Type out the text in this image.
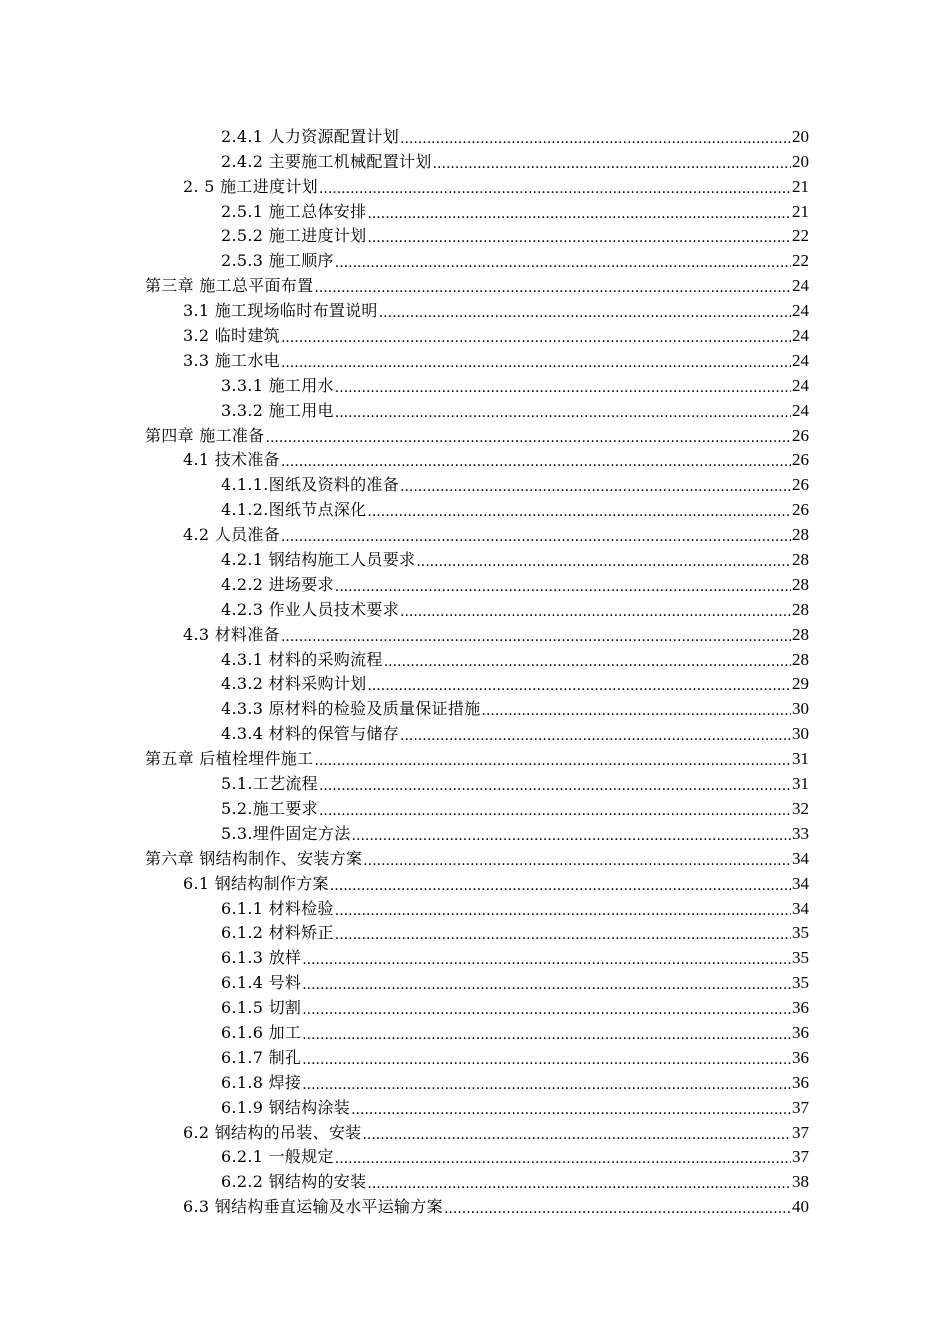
2.4.1 人力资源配置计划 .....	20
2.4.2 主要施工机械配置计划 .....	20
2. 5 施工进度计划 .....	21
2.5.1 施工总体安排 .....	21
2.5.2 施工进度计划 .....	22
2.5.3 施工顺序 .....	22
第三章 施工总平面布置 .....	24
3.1 施工现场临时布置说明 .....	24
3.2 临时建筑 .....	24
3.3 施工水电 .....	24
3.3.1 施工用水 .....	24
3.3.2 施工用电 .....	24
第四章 施工准备 .....	26
4.1 技术准备 .....	26
4.1.1.图纸及资料的准备 .....	26
4.1.2.图纸节点深化 .....	26
4.2 人员准备 .....	28
4.2.1 钢结构施工人员要求 .....	28
4.2.2 进场要求 .....	28
4.2.3 作业人员技术要求 .....	28
4.3 材料准备 .....	28
4.3.1 材料的采购流程 .....	28
4.3.2 材料采购计划 .....	29
4.3.3 原材料的检验及质量保证措施 .....	30
4.3.4 材料的保管与储存 .....	30
第五章 后植栓埋件施工 .....	31
5.1.工艺流程 .....	31
5.2.施工要求 .....	32
5.3.埋件固定方法 .....	33
第六章 钢结构制作、安装方案 .....	34
6.1 钢结构制作方案 .....	34
6.1.1 材料检验 .....	34
6.1.2 材料矫正 .....	35
6.1.3 放样 .....	35
6.1.4 号料 .....	35
6.1.5 切割 .....	36
6.1.6 加工 .....	36
6.1.7 制孔 .....	36
6.1.8 焊接 .....	36
6.1.9 钢结构涂装 .....	37
6.2 钢结构的吊装、安装 .....	37
6.2.1 一般规定 .....	37
6.2.2 钢结构的安装 .....	38
6.3 钢结构垂直运输及水平运输方案 .....	40
